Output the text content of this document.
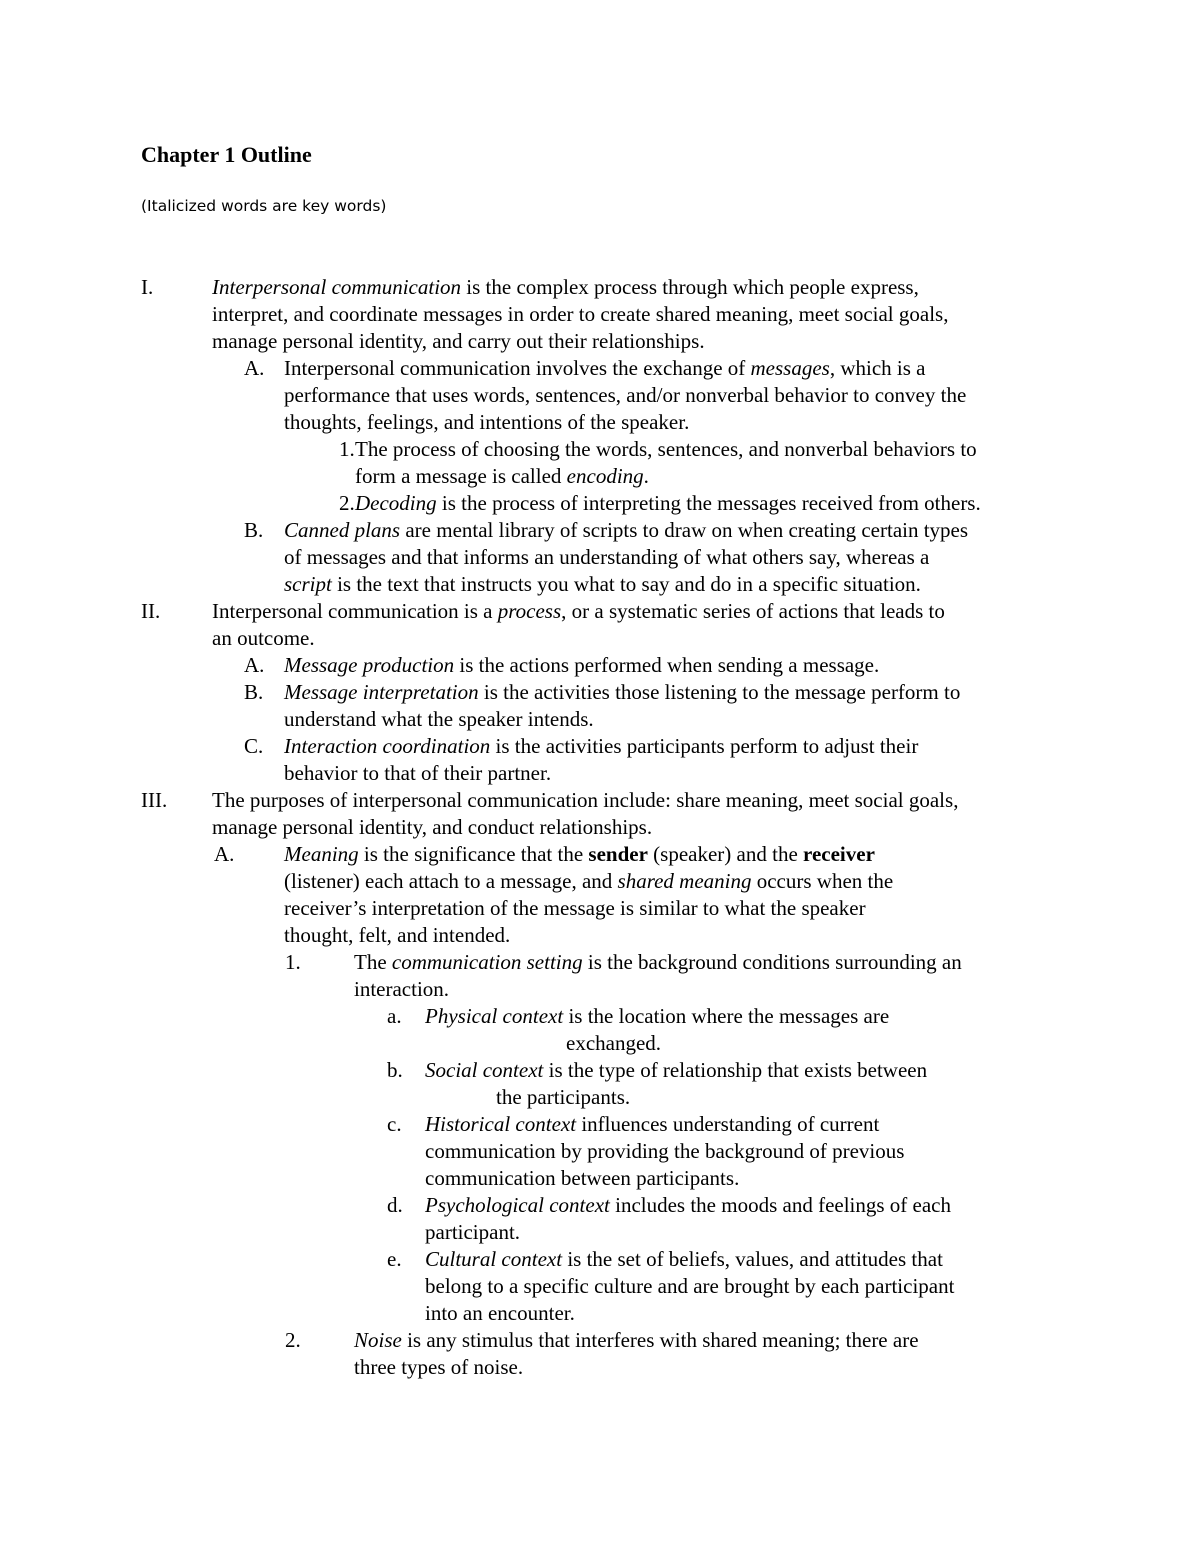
Chapter 1 Outline
(Italicized words are key words)
I.	Interpersonal communication is the complex process through which people express,
interpret, and coordinate messages in order to create shared meaning, meet social goals,
manage personal identity, and carry out their relationships.
A. Interpersonal communication involves the exchange of messages, which is a
performance that uses words, sentences, and/or nonverbal behavior to convey the
thoughts, feelings, and intentions of the speaker.
1. The process of choosing the words, sentences, and nonverbal behaviors to
form a message is called encoding.
2. Decoding is the process of interpreting the messages received from others.
B. Canned plans are mental library of scripts to draw on when creating certain types
of messages and that informs an understanding of what others say, whereas a
script is the text that instructs you what to say and do in a specific situation.
II. Interpersonal communication is a process, or a systematic series of actions that leads to
an outcome.
A. Message production is the actions performed when sending a message.
B. Message interpretation is the activities those listening to the message perform to
understand what the speaker intends.
C. Interaction coordination is the activities participants perform to adjust their
behavior to that of their partner.
III. The purposes of interpersonal communication include: share meaning, meet social goals,
manage personal identity, and conduct relationships.
A. Meaning is the significance that the sender (speaker) and the receiver
(listener) each attach to a message, and shared meaning occurs when the
receiver’s interpretation of the message is similar to what the speaker
thought, felt, and intended.
1.	The communication setting is the background conditions surrounding an
interaction.
a. Physical context is the location where the messages are
exchanged.
b. Social context is the type of relationship that exists between
the participants.
c. Historical context influences understanding of current
communication by providing the background of previous
communication between participants.
d. Psychological context includes the moods and feelings of each
participant.
e. Cultural context is the set of beliefs, values, and attitudes that
belong to a specific culture and are brought by each participant
into an encounter.
2.	Noise is any stimulus that interferes with shared meaning; there are
three types of noise.
